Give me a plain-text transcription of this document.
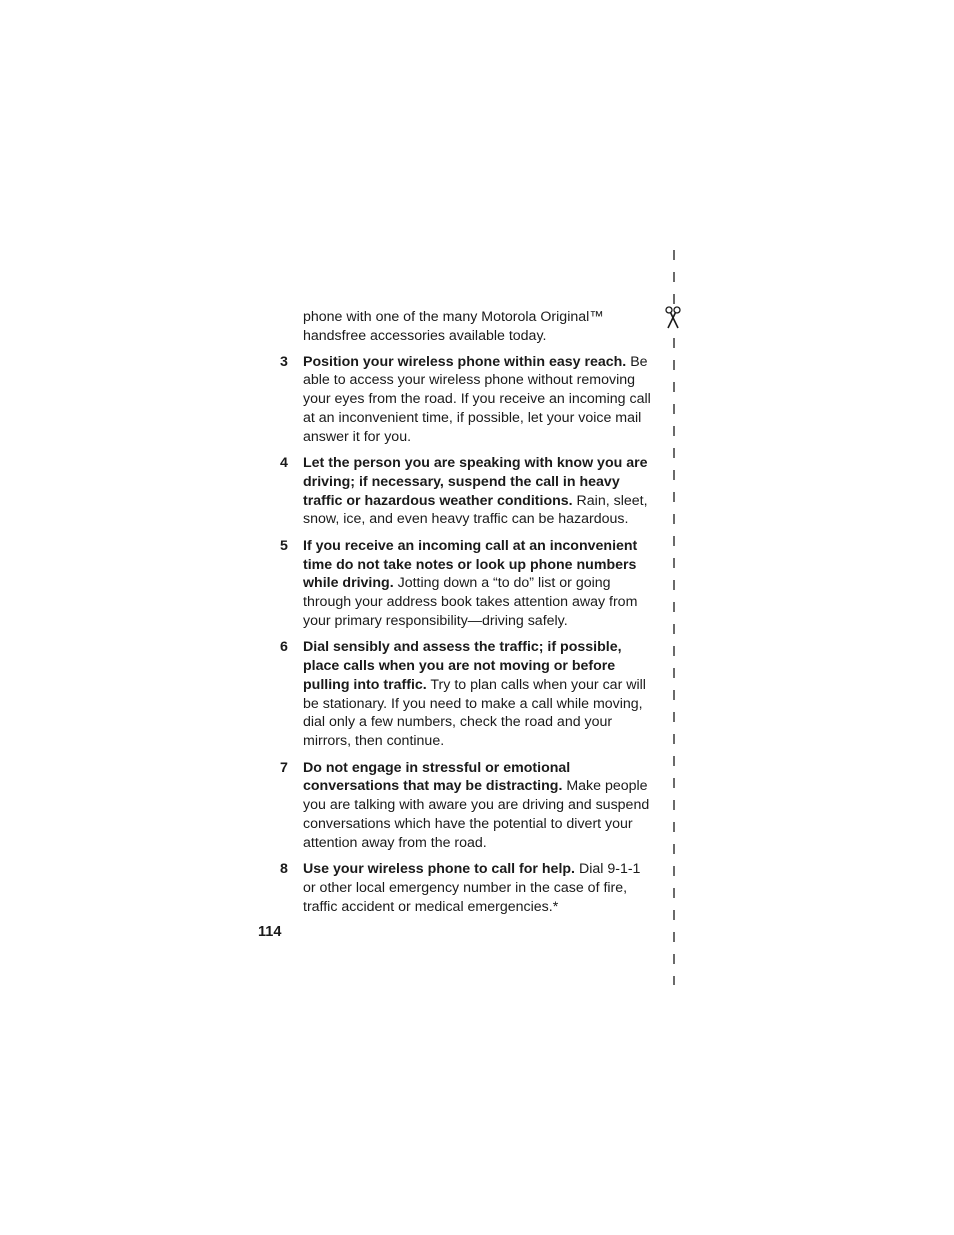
phone with one of the many Motorola Original™ handsfree accessories available today.
3 Position your wireless phone within easy reach. Be able to access your wireless phone without removing your eyes from the road. If you receive an incoming call at an inconvenient time, if possible, let your voice mail answer it for you.
4 Let the person you are speaking with know you are driving; if necessary, suspend the call in heavy traffic or hazardous weather conditions. Rain, sleet, snow, ice, and even heavy traffic can be hazardous.
5 If you receive an incoming call at an inconvenient time do not take notes or look up phone numbers while driving. Jotting down a “to do” list or going through your address book takes attention away from your primary responsibility—driving safely.
6 Dial sensibly and assess the traffic; if possible, place calls when you are not moving or before pulling into traffic. Try to plan calls when your car will be stationary. If you need to make a call while moving, dial only a few numbers, check the road and your mirrors, then continue.
7 Do not engage in stressful or emotional conversations that may be distracting. Make people you are talking with aware you are driving and suspend conversations which have the potential to divert your attention away from the road.
8 Use your wireless phone to call for help. Dial 9-1-1 or other local emergency number in the case of fire, traffic accident or medical emergencies.*
114
